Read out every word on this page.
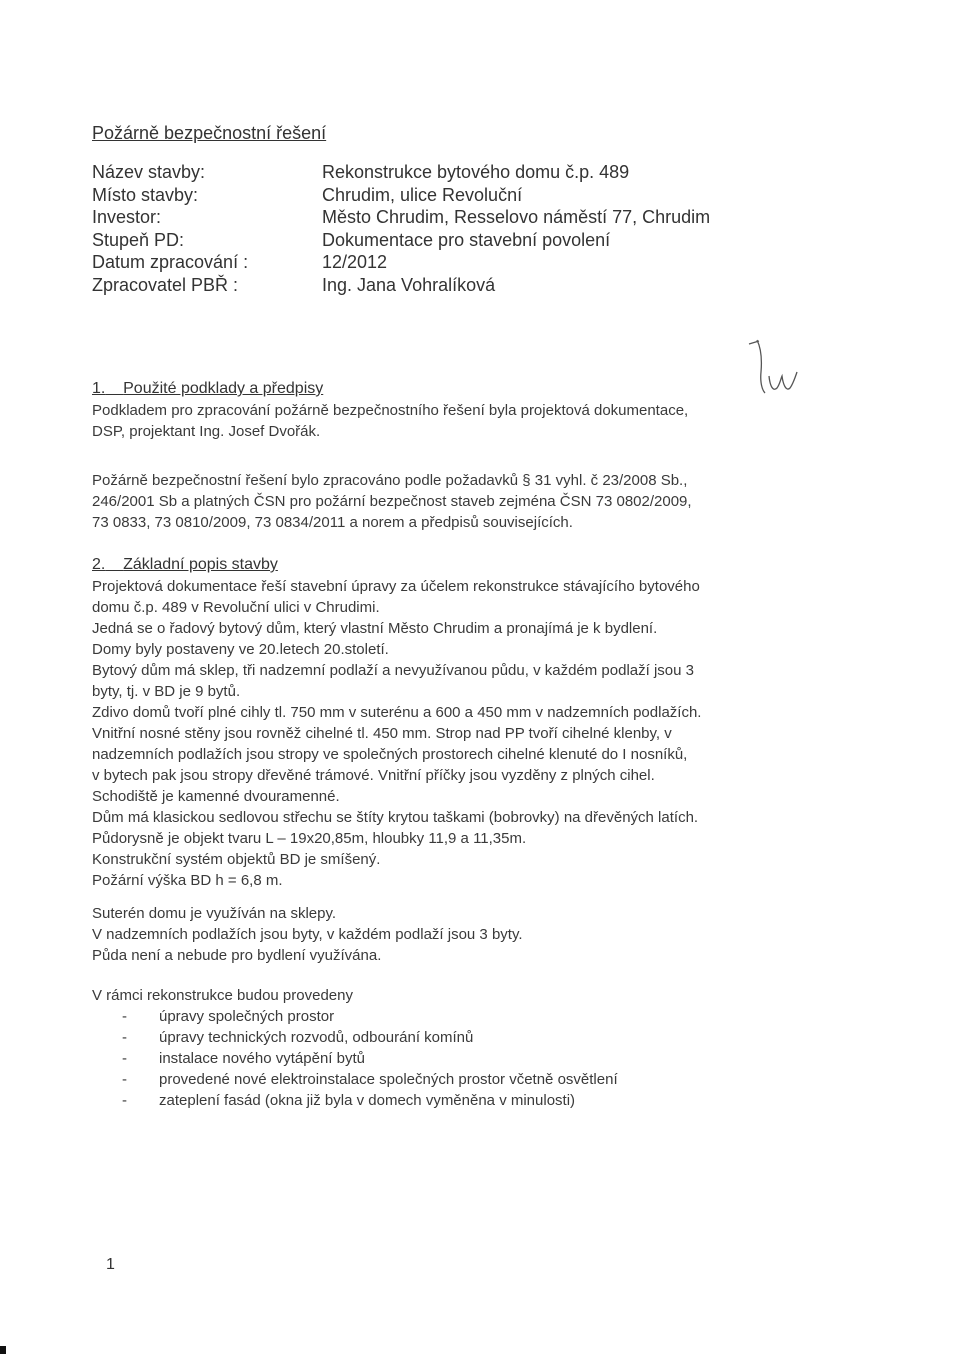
Požárně bezpečnostní řešení
Název stavby:	Rekonstrukce bytového domu č.p. 489
Místo stavby:	Chrudim, ulice Revoluční
Investor:	Město Chrudim, Resselovo náměstí 77, Chrudim
Stupeň PD:	Dokumentace pro stavební povolení
Datum zpracování :	12/2012
Zpracovatel PBŘ :	Ing. Jana Vohralíková
1. Použité podklady a předpisy
Podkladem pro zpracování požárně bezpečnostního řešení byla projektová dokumentace,
DSP, projektant Ing. Josef Dvořák.
Požárně bezpečnostní řešení bylo zpracováno podle požadavků § 31 vyhl. č 23/2008 Sb.,
246/2001 Sb a platných ČSN pro požární bezpečnost staveb zejména ČSN 73 0802/2009,
73 0833, 73 0810/2009, 73 0834/2011 a norem a předpisů souvisejících.
2. Základní popis stavby
Projektová dokumentace řeší stavební úpravy za účelem rekonstrukce stávajícího bytového
domu č.p. 489 v Revoluční ulici v Chrudimi.
Jedná se o řadový bytový dům, který vlastní Město Chrudim a pronajímá je k bydlení.
Domy byly postaveny ve 20.letech 20.století.
Bytový dům má sklep, tři nadzemní podlaží a nevyužívanou půdu, v každém podlaží jsou 3
byty, tj. v BD je 9 bytů.
Zdivo domů tvoří plné cihly tl. 750 mm v suterénu a 600 a 450 mm v nadzemních podlažích.
Vnitřní nosné stěny jsou rovněž cihelné tl. 450 mm. Strop nad PP tvoří cihelné klenby, v
nadzemních podlažích jsou stropy ve společných prostorech cihelné klenuté do I nosníků,
v bytech pak jsou stropy dřevěné trámové. Vnitřní příčky jsou vyzděny z plných cihel.
Schodiště je kamenné dvouramenné.
Dům má klasickou sedlovou střechu se štíty krytou taškami (bobrovky) na dřevěných latích.
Půdorysně je objekt tvaru L – 19x20,85m, hloubky 11,9 a 11,35m.
Konstrukční systém objektů BD je smíšený.
Požární výška BD h = 6,8 m.
Suterén domu je využíván na sklepy.
V nadzemních podlažích jsou byty, v každém podlaží jsou 3 byty.
Půda není a nebude pro bydlení využívána.
V rámci rekonstrukce budou provedeny
-	úpravy společných prostor
-	úpravy technických rozvodů, odbourání komínů
-	instalace nového vytápění bytů
-	provedené nové elektroinstalace společných prostor včetně osvětlení
-	zateplení fasád (okna již byla v domech vyměněna v minulosti)
1
